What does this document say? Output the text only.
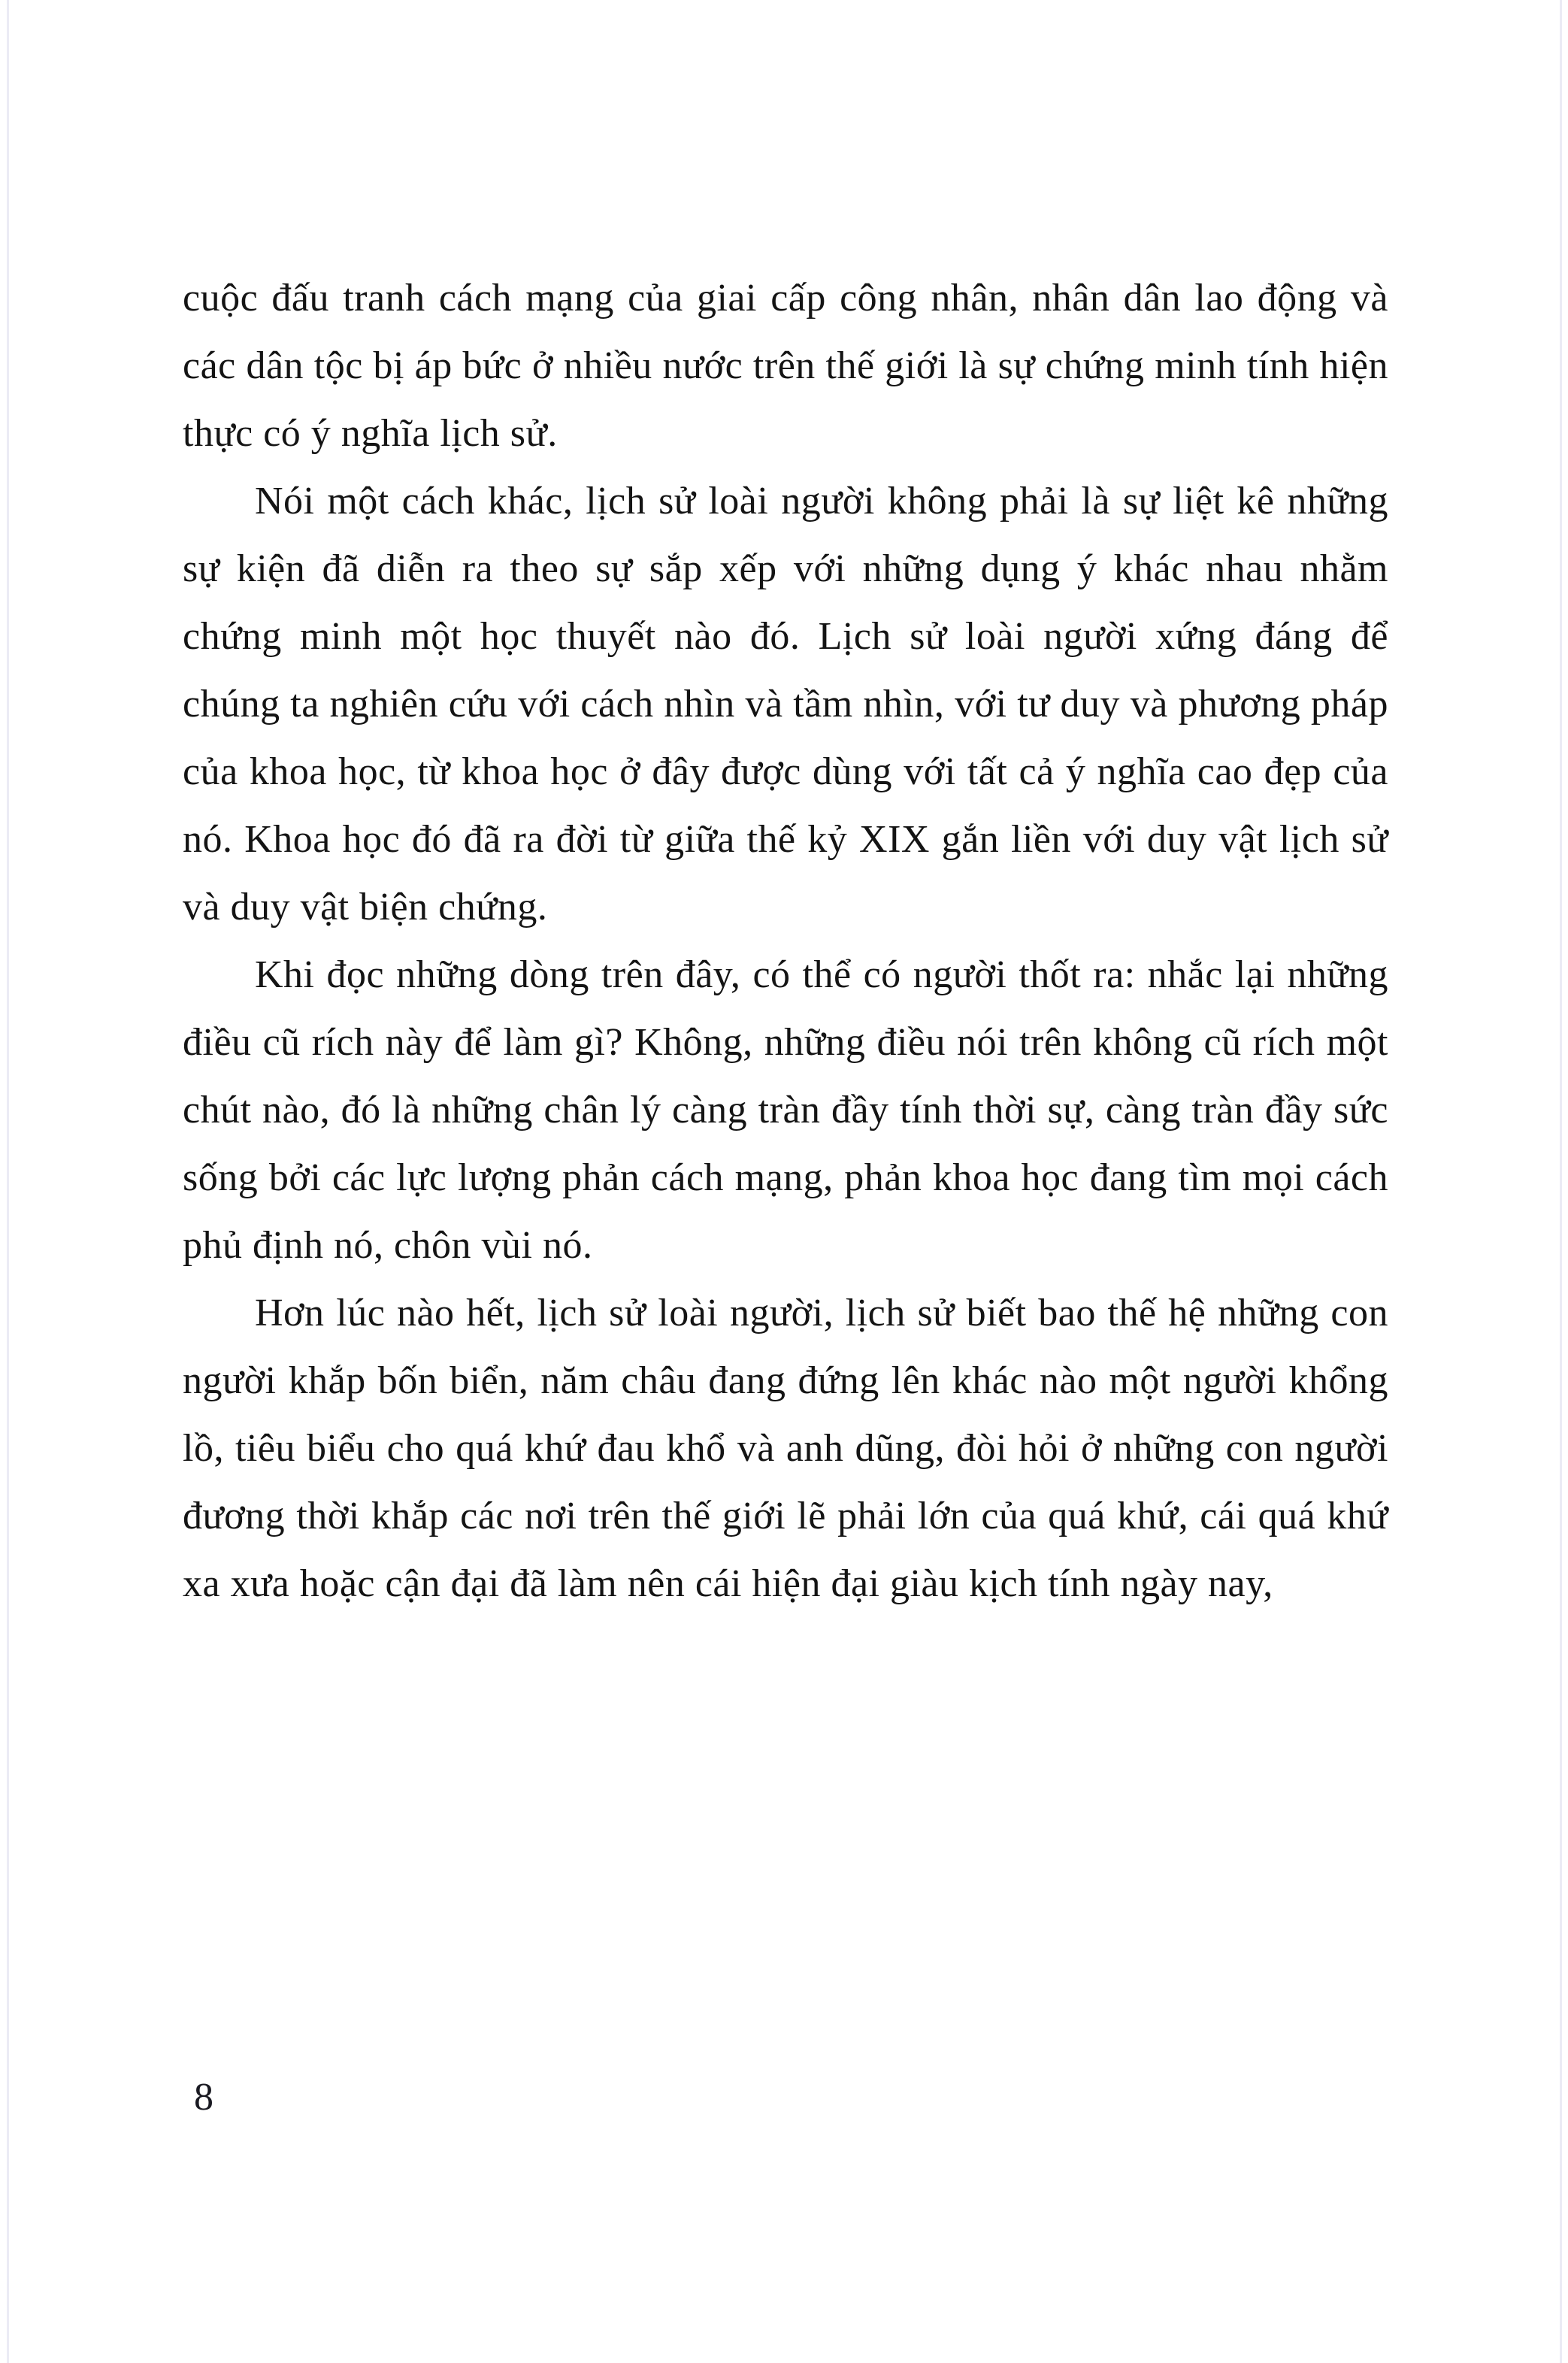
cuộc đấu tranh cách mạng của giai cấp công nhân, nhân dân lao động và các dân tộc bị áp bức ở nhiều nước trên thế giới là sự chứng minh tính hiện thực có ý nghĩa lịch sử.

Nói một cách khác, lịch sử loài người không phải là sự liệt kê những sự kiện đã diễn ra theo sự sắp xếp với những dụng ý khác nhau nhằm chứng minh một học thuyết nào đó. Lịch sử loài người xứng đáng để chúng ta nghiên cứu với cách nhìn và tầm nhìn, với tư duy và phương pháp của khoa học, từ khoa học ở đây được dùng với tất cả ý nghĩa cao đẹp của nó. Khoa học đó đã ra đời từ giữa thế kỷ XIX gắn liền với duy vật lịch sử và duy vật biện chứng.

Khi đọc những dòng trên đây, có thể có người thốt ra: nhắc lại những điều cũ rích này để làm gì? Không, những điều nói trên không cũ rích một chút nào, đó là những chân lý càng tràn đầy tính thời sự, càng tràn đầy sức sống bởi các lực lượng phản cách mạng, phản khoa học đang tìm mọi cách phủ định nó, chôn vùi nó.

Hơn lúc nào hết, lịch sử loài người, lịch sử biết bao thế hệ những con người khắp bốn biển, năm châu đang đứng lên khác nào một người khổng lồ, tiêu biểu cho quá khứ đau khổ và anh dũng, đòi hỏi ở những con người đương thời khắp các nơi trên thế giới lẽ phải lớn của quá khứ, cái quá khứ xa xưa hoặc cận đại đã làm nên cái hiện đại giàu kịch tính ngày nay,

8
